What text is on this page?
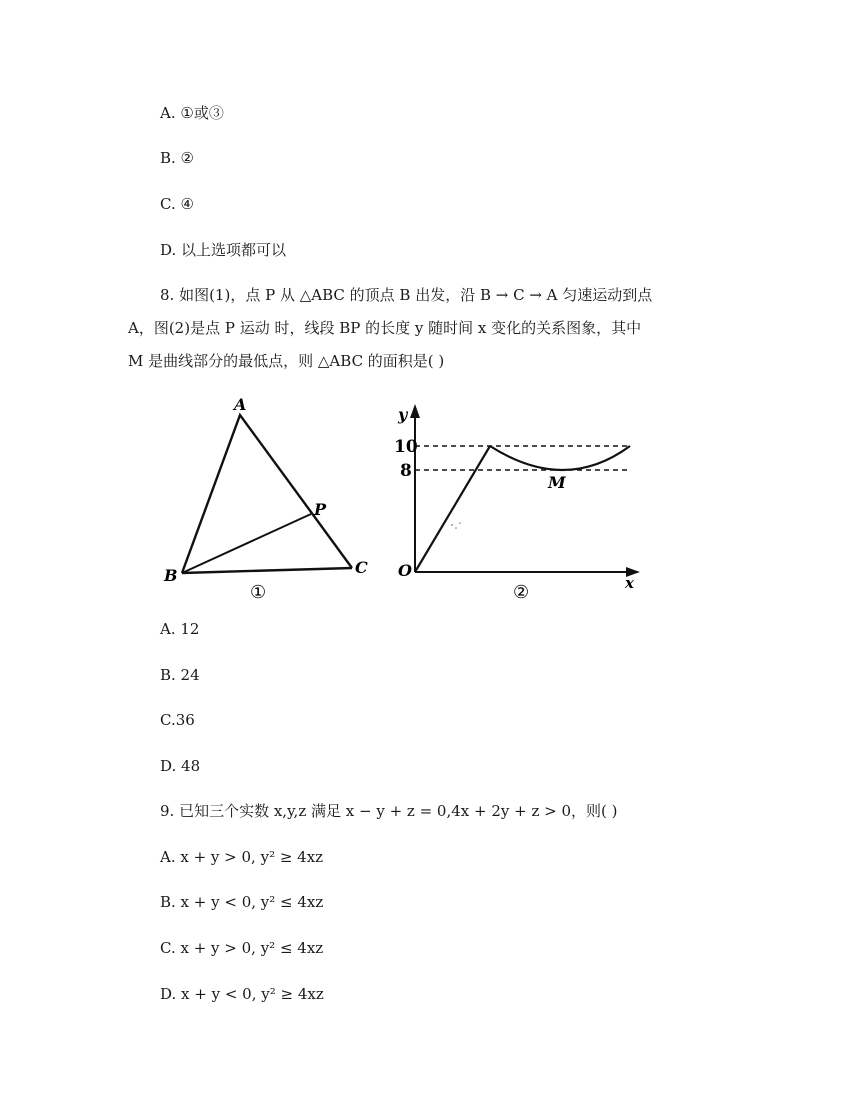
A. ①或③
B. ②
C. ④
D. 以上选项都可以
8. 如图(1)，点 P 从 △ABC 的顶点 B 出发，沿 B → C → A 匀速运动到点
A，图(2)是点 P 运动 时，线段 BP 的长度 y 随时间 x 变化的关系图象，其中
M 是曲线部分的最低点，则 △ABC 的面积是( )
A
B	C
P
①
y
x
O
10
8
M
②
A. 12
B. 24
C.36
D. 48
9. 已知三个实数 x,y,z 满足 x − y + z = 0,4x + 2y + z > 0，则( )
A. x + y > 0, y² ≥ 4xz
B. x + y < 0, y² ≤ 4xz
C. x + y > 0, y² ≤ 4xz
D. x + y < 0, y² ≥ 4xz
